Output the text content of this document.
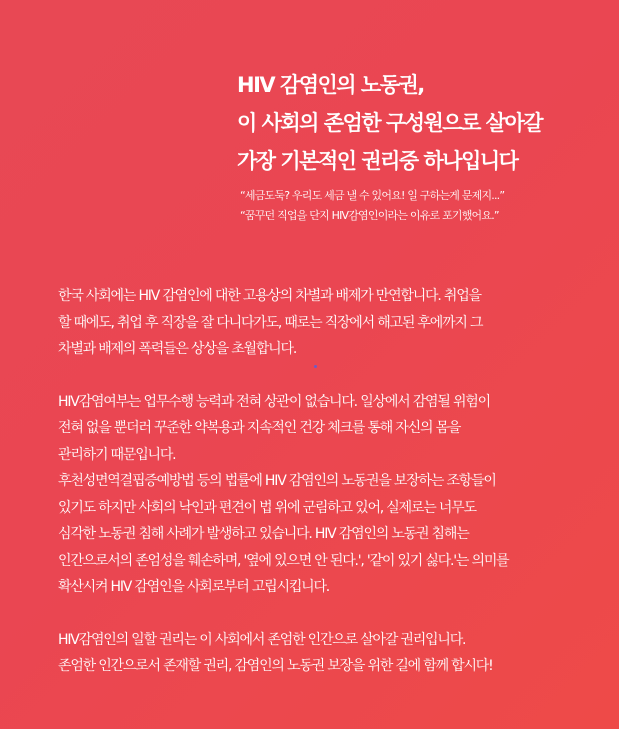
HIV 감염인의 노동권,
이 사회의 존엄한 구성원으로 살아갈
가장 기본적인 권리중 하나입니다
“세금도둑? 우리도 세금 낼 수 있어요! 일 구하는게 문제지...”
“꿈꾸던 직업을 단지 HIV감염인이라는 이유로 포기했어요.”
한국 사회에는 HIV 감염인에 대한 고용상의 차별과 배제가 만연합니다. 취업을
할 때에도, 취업 후 직장을 잘 다니다가도, 때로는 직장에서 해고된 후에까지 그
차별과 배제의 폭력들은 상상을 초월합니다.
HIV감염여부는 업무수행 능력과 전혀 상관이 없습니다. 일상에서 감염될 위험이
전혀 없을 뿐더러 꾸준한 약복용과 지속적인 건강 체크를 통해 자신의 몸을
관리하기 때문입니다.
후천성면역결핍증예방법 등의 법률에 HIV 감염인의 노동권을 보장하는 조항들이
있기도 하지만 사회의 낙인과 편견이 법 위에 군림하고 있어, 실제로는 너무도
심각한 노동권 침해 사례가 발생하고 있습니다. HIV 감염인의 노동권 침해는
인간으로서의 존엄성을 훼손하며, '옆에 있으면 안 된다.', '같이 있기 싫다.'는 의미를
확산시켜 HIV 감염인을 사회로부터 고립시킵니다.
HIV감염인의 일할 권리는 이 사회에서 존엄한 인간으로 살아갈 권리입니다.
존엄한 인간으로서 존재할 권리, 감염인의 노동권 보장을 위한 길에 함께 합시다!
